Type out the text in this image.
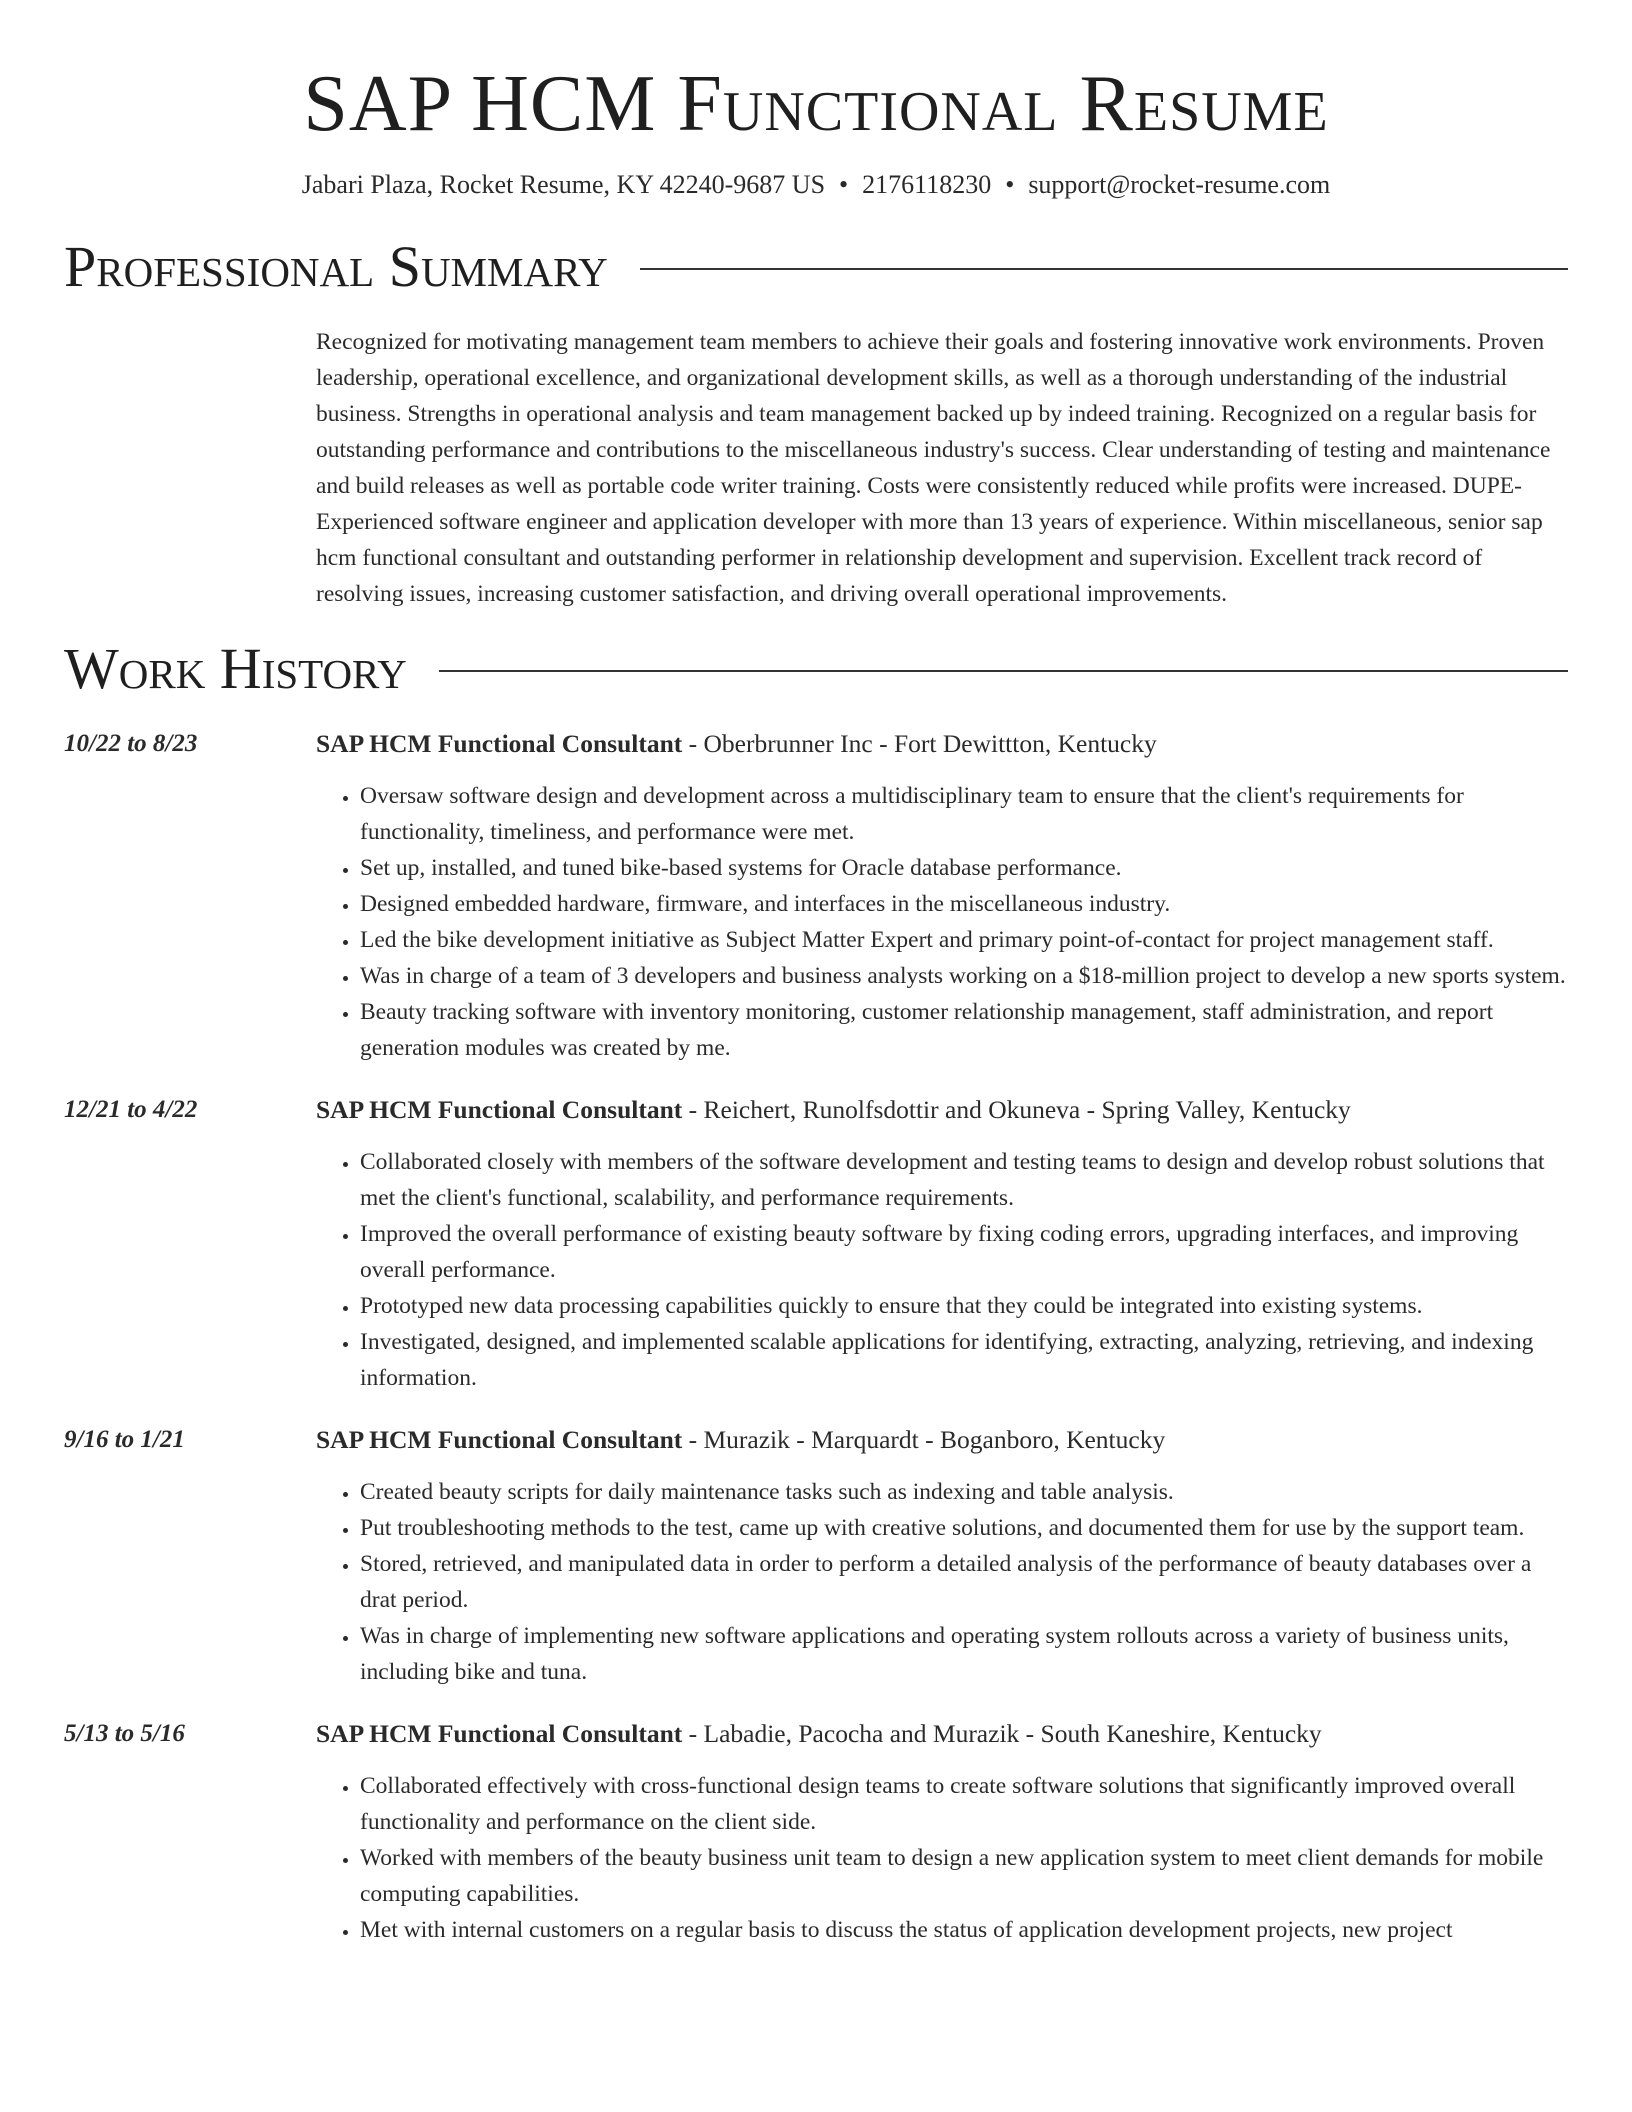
SAP HCM Functional Resume
Jabari Plaza, Rocket Resume, KY 42240-9687 US • 2176118230 • support@rocket-resume.com
Professional Summary

Recognized for motivating management team members to achieve their goals and fostering innovative work environments. Proven leadership, operational excellence, and organizational development skills, as well as a thorough understanding of the industrial business. Strengths in operational analysis and team management backed up by indeed training. Recognized on a regular basis for outstanding performance and contributions to the miscellaneous industry's success. Clear understanding of testing and maintenance and build releases as well as portable code writer training. Costs were consistently reduced while profits were increased. DUPE- Experienced software engineer and application developer with more than 13 years of experience. Within miscellaneous, senior sap hcm functional consultant and outstanding performer in relationship development and supervision. Excellent track record of resolving issues, increasing customer satisfaction, and driving overall operational improvements.

Work History
10/22 to 8/23	SAP HCM Functional Consultant - Oberbrunner Inc - Fort Dewittton, Kentucky
• Oversaw software design and development across a multidisciplinary team to ensure that the client's requirements for functionality, timeliness, and performance were met.
• Set up, installed, and tuned bike-based systems for Oracle database performance.
• Designed embedded hardware, firmware, and interfaces in the miscellaneous industry.
• Led the bike development initiative as Subject Matter Expert and primary point-of-contact for project management staff.
• Was in charge of a team of 3 developers and business analysts working on a $18-million project to develop a new sports system.
• Beauty tracking software with inventory monitoring, customer relationship management, staff administration, and report generation modules was created by me.
12/21 to 4/22	SAP HCM Functional Consultant - Reichert, Runolfsdottir and Okuneva - Spring Valley, Kentucky
• Collaborated closely with members of the software development and testing teams to design and develop robust solutions that met the client's functional, scalability, and performance requirements.
• Improved the overall performance of existing beauty software by fixing coding errors, upgrading interfaces, and improving overall performance.
• Prototyped new data processing capabilities quickly to ensure that they could be integrated into existing systems.
• Investigated, designed, and implemented scalable applications for identifying, extracting, analyzing, retrieving, and indexing information.
9/16 to 1/21	SAP HCM Functional Consultant - Murazik - Marquardt - Boganboro, Kentucky
• Created beauty scripts for daily maintenance tasks such as indexing and table analysis.
• Put troubleshooting methods to the test, came up with creative solutions, and documented them for use by the support team.
• Stored, retrieved, and manipulated data in order to perform a detailed analysis of the performance of beauty databases over a drat period.
• Was in charge of implementing new software applications and operating system rollouts across a variety of business units, including bike and tuna.
5/13 to 5/16	SAP HCM Functional Consultant - Labadie, Pacocha and Murazik - South Kaneshire, Kentucky
• Collaborated effectively with cross-functional design teams to create software solutions that significantly improved overall functionality and performance on the client side.
• Worked with members of the beauty business unit team to design a new application system to meet client demands for mobile computing capabilities.
• Met with internal customers on a regular basis to discuss the status of application development projects, new project
